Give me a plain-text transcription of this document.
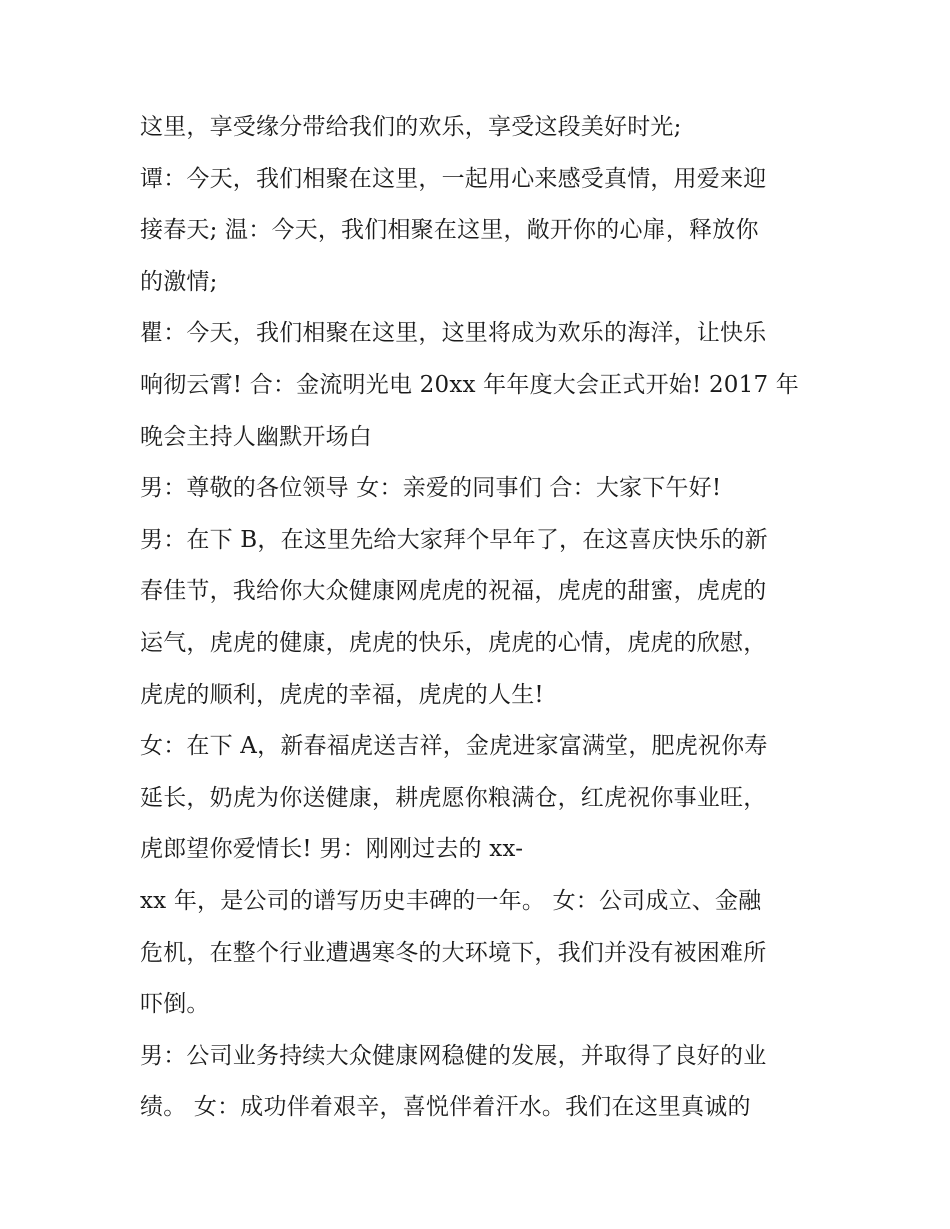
这里，享受缘分带给我们的欢乐，享受这段美好时光;
谭：今天，我们相聚在这里，一起用心来感受真情，用爱来迎
接春天; 温：今天，我们相聚在这里，敞开你的心扉，释放你
的激情;
瞿：今天，我们相聚在这里，这里将成为欢乐的海洋，让快乐
响彻云霄! 合：金流明光电 20xx 年年度大会正式开始! 2017 年
晚会主持人幽默开场白
男：尊敬的各位领导 女：亲爱的同事们 合：大家下午好!
男：在下 B，在这里先给大家拜个早年了，在这喜庆快乐的新
春佳节，我给你大众健康网虎虎的祝福，虎虎的甜蜜，虎虎的
运气，虎虎的健康，虎虎的快乐，虎虎的心情，虎虎的欣慰，
虎虎的顺利，虎虎的幸福，虎虎的人生!
女：在下 A，新春福虎送吉祥，金虎进家富满堂，肥虎祝你寿
延长，奶虎为你送健康，耕虎愿你粮满仓，红虎祝你事业旺，
虎郎望你爱情长! 男：刚刚过去的 xx-
xx 年，是公司的谱写历史丰碑的一年。 女：公司成立、金融
危机，在整个行业遭遇寒冬的大环境下，我们并没有被困难所
吓倒。
男：公司业务持续大众健康网稳健的发展，并取得了良好的业
绩。 女：成功伴着艰辛，喜悦伴着汗水。我们在这里真诚的
